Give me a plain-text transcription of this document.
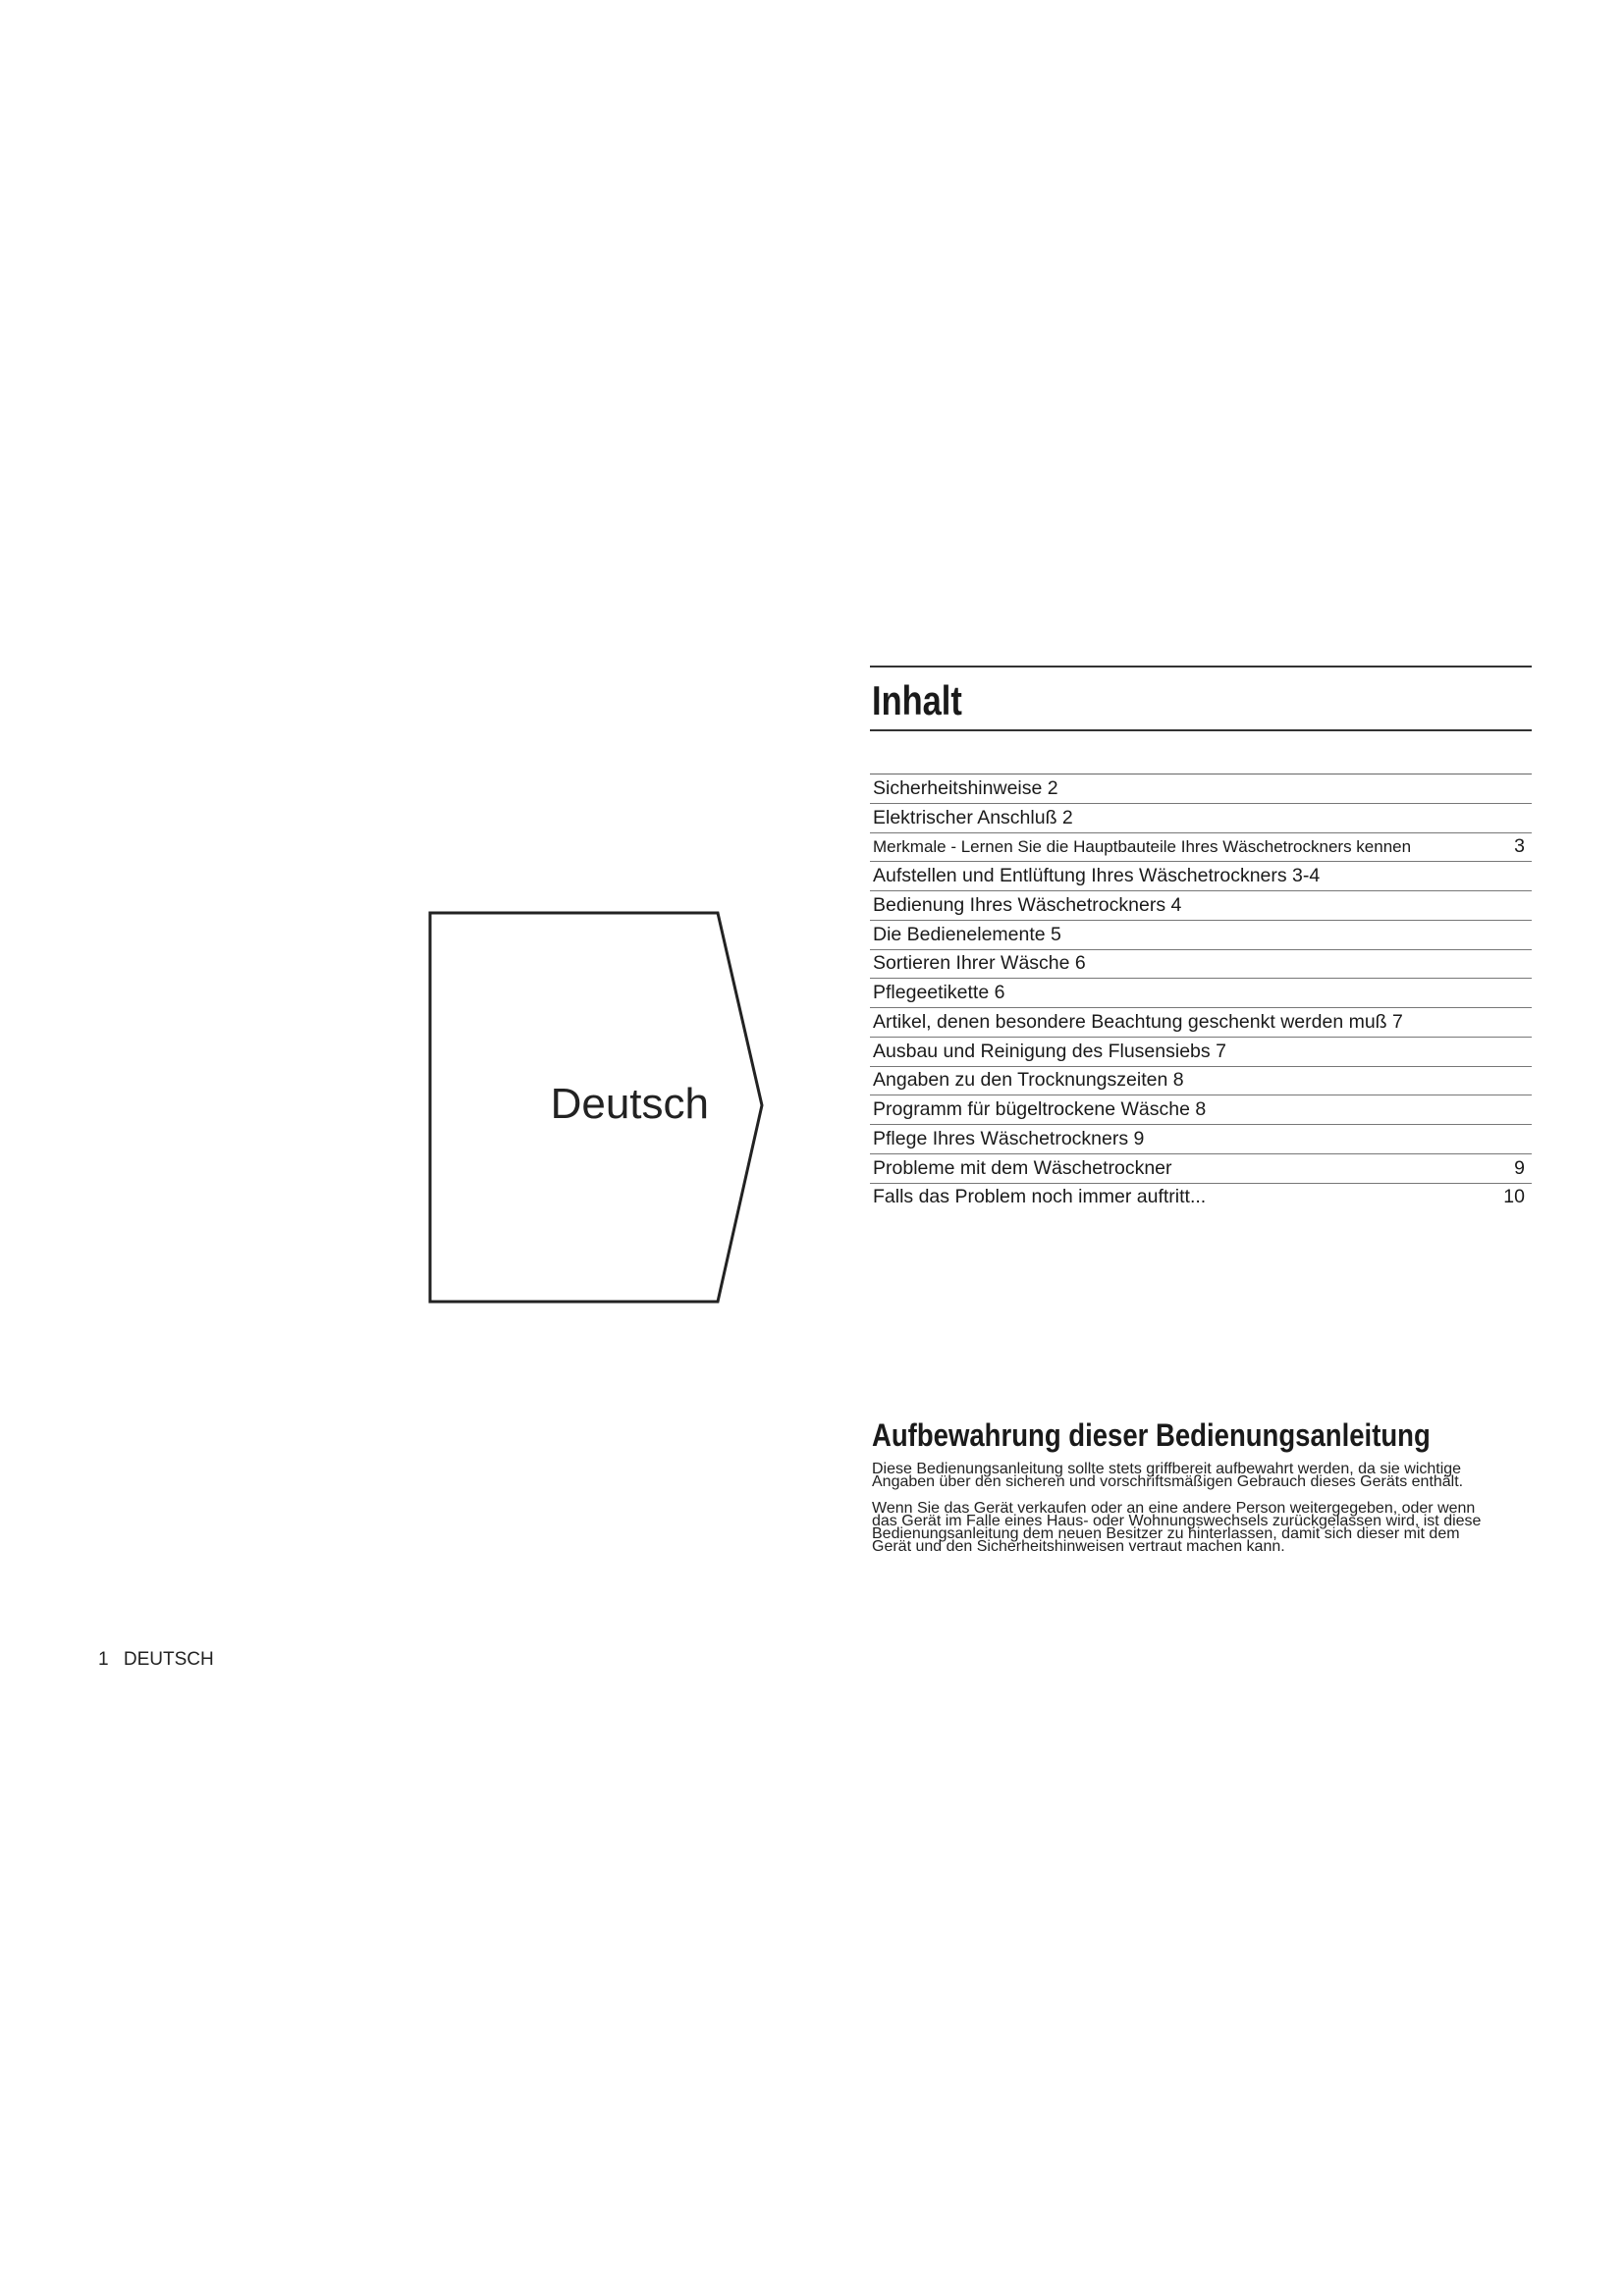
Deutsch
Inhalt
Sicherheitshinweise 2
Elektrischer Anschluß 2
Merkmale - Lernen Sie die Hauptbauteile Ihres Wäschetrockners kennen	3
Aufstellen und Entlüftung Ihres Wäschetrockners 3-4
Bedienung Ihres Wäschetrockners 4
Die Bedienelemente 5
Sortieren Ihrer Wäsche 6
Pflegeetikette 6
Artikel, denen besondere Beachtung geschenkt werden muß 7
Ausbau und Reinigung des Flusensiebs 7
Angaben zu den Trocknungszeiten 8
Programm für bügeltrockene Wäsche 8
Pflege Ihres Wäschetrockners 9
Probleme mit dem Wäschetrockner	9
Falls das Problem noch immer auftritt...	10
Aufbewahrung dieser Bedienungsanleitung

Diese Bedienungsanleitung sollte stets griffbereit aufbewahrt werden, da sie wichtige
Angaben über den sicheren und vorschriftsmäßigen Gebrauch dieses Geräts enthält.

Wenn Sie das Gerät verkaufen oder an eine andere Person weitergegeben, oder wenn
das Gerät im Falle eines Haus- oder Wohnungswechsels zurückgelassen wird, ist diese
Bedienungsanleitung dem neuen Besitzer zu hinterlassen, damit sich dieser mit dem
Gerät und den Sicherheitshinweisen vertraut machen kann.

1 DEUTSCH
